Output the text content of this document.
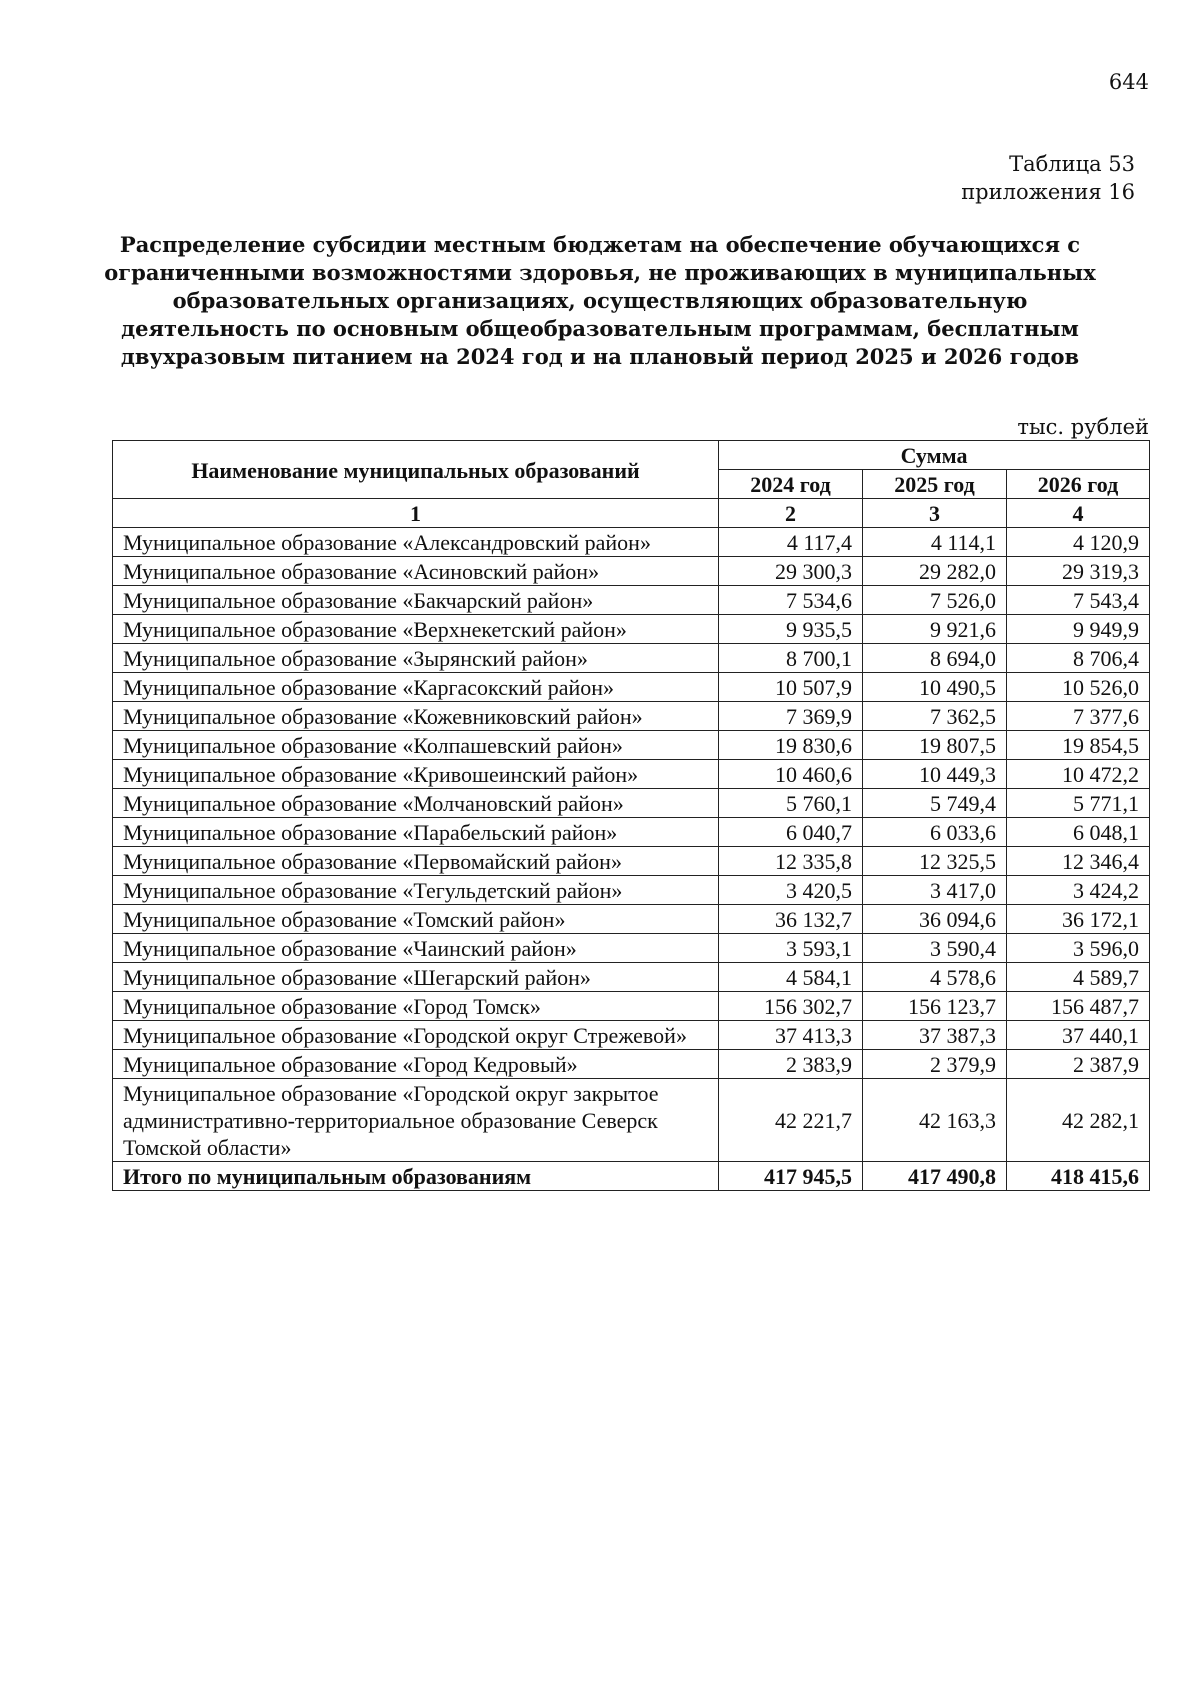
644
Таблица 53
приложения 16
Распределение субсидии местным бюджетам на обеспечение обучающихся с ограниченными возможностями здоровья, не проживающих в муниципальных образовательных организациях, осуществляющих образовательную деятельность по основным общеобразовательным программам, бесплатным двухразовым питанием на 2024 год и на плановый период 2025 и 2026 годов
тыс. рублей
Наименование муниципальных образований	Сумма		
	2024 год	2025 год	2026 год
1	2	3	4
Муниципальное образование «Александровский район»	4 117,4	4 114,1	4 120,9
Муниципальное образование «Асиновский район»	29 300,3	29 282,0	29 319,3
Муниципальное образование «Бакчарский район»	7 534,6	7 526,0	7 543,4
Муниципальное образование «Верхнекетский район»	9 935,5	9 921,6	9 949,9
Муниципальное образование «Зырянский район»	8 700,1	8 694,0	8 706,4
Муниципальное образование «Каргасокский район»	10 507,9	10 490,5	10 526,0
Муниципальное образование «Кожевниковский район»	7 369,9	7 362,5	7 377,6
Муниципальное образование «Колпашевский район»	19 830,6	19 807,5	19 854,5
Муниципальное образование «Кривошеинский район»	10 460,6	10 449,3	10 472,2
Муниципальное образование «Молчановский район»	5 760,1	5 749,4	5 771,1
Муниципальное образование «Парабельский район»	6 040,7	6 033,6	6 048,1
Муниципальное образование «Первомайский район»	12 335,8	12 325,5	12 346,4
Муниципальное образование «Тегульдетский район»	3 420,5	3 417,0	3 424,2
Муниципальное образование «Томский район»	36 132,7	36 094,6	36 172,1
Муниципальное образование «Чаинский район»	3 593,1	3 590,4	3 596,0
Муниципальное образование «Шегарский район»	4 584,1	4 578,6	4 589,7
Муниципальное образование «Город Томск»	156 302,7	156 123,7	156 487,7
Муниципальное образование «Городской округ Стрежевой»	37 413,3	37 387,3	37 440,1
Муниципальное образование «Город Кедровый»	2 383,9	2 379,9	2 387,9
Муниципальное образование «Городской округ закрытое административно-территориальное образование Северск Томской области»	42 221,7	42 163,3	42 282,1
Итого по муниципальным образованиям	417 945,5	417 490,8	418 415,6
